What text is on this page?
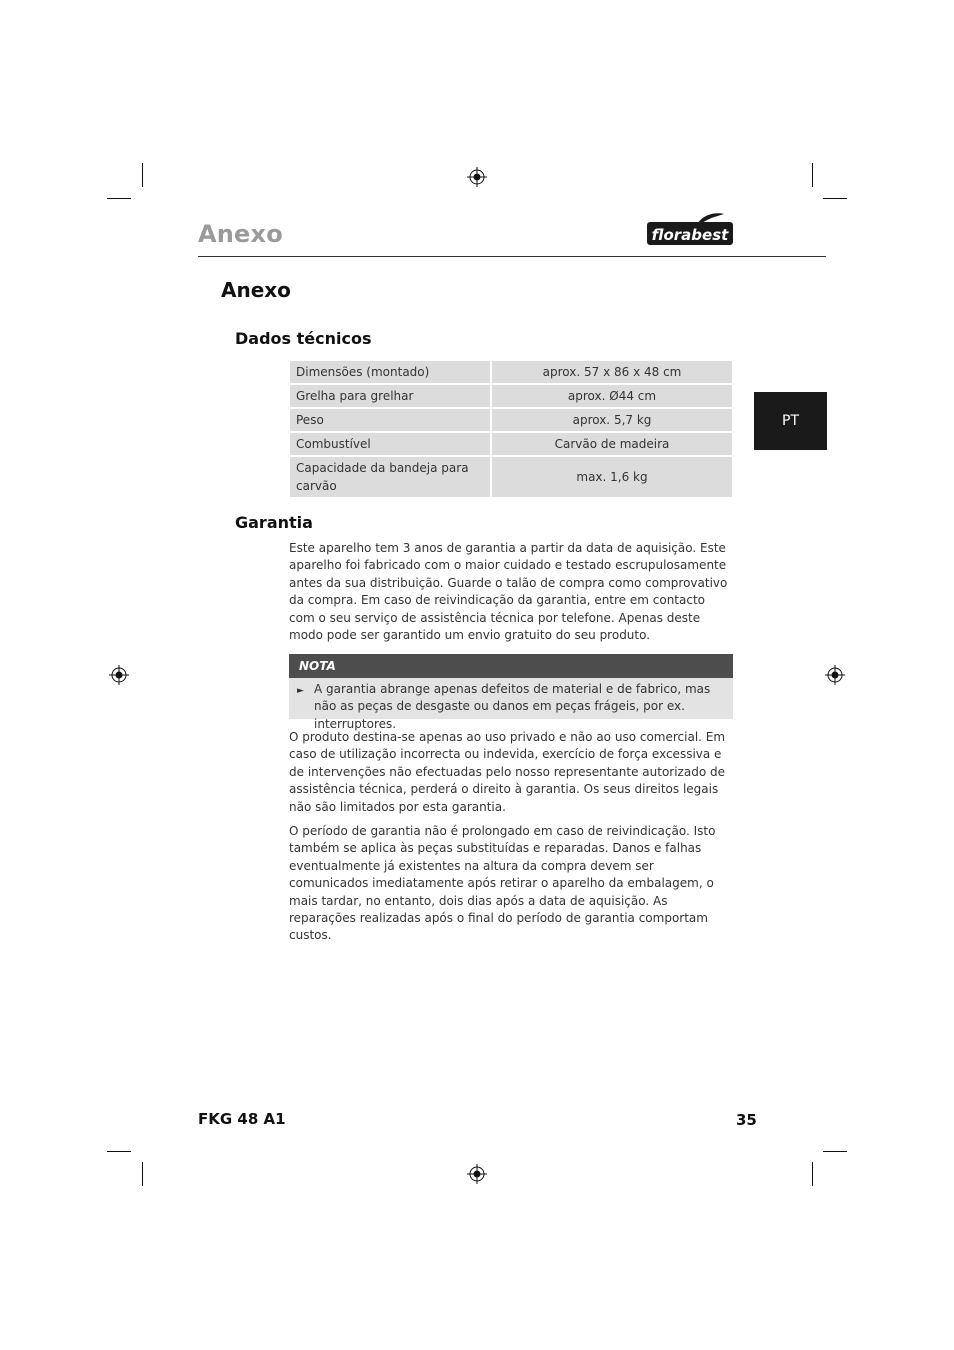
Anexo	florabest
Anexo
Dados técnicos
Dimensões (montado)	aprox. 57 x 86 x 48 cm
Grelha para grelhar	aprox. Ø44 cm
Peso	aprox. 5,7 kg
Combustível	Carvão de madeira
Capacidade da bandeja para carvão	max. 1,6 kg
PT
Garantia

Este aparelho tem 3 anos de garantia a partir da data de aquisição. Este aparelho foi fabricado com o maior cuidado e testado escrupulosamente antes da sua distribuição. Guarde o talão de compra como comprovativo da compra. Em caso de reivindicação da garantia, entre em contacto com o seu serviço de assistência técnica por telefone. Apenas deste modo pode ser garantido um envio gratuito do seu produto.

NOTA
► A garantia abrange apenas defeitos de material e de fabrico, mas não as peças de desgaste ou danos em peças frágeis, por ex. interruptores.

O produto destina-se apenas ao uso privado e não ao uso comercial. Em caso de utilização incorrecta ou indevida, exercício de força excessiva e de intervenções não efectuadas pelo nosso representante autorizado de assistência técnica, perderá o direito à garantia. Os seus direitos legais não são limitados por esta garantia.

O período de garantia não é prolongado em caso de reivindicação. Isto também se aplica às peças substituídas e reparadas. Danos e falhas eventualmente já existentes na altura da compra devem ser comunicados imediatamente após retirar o aparelho da embalagem, o mais tardar, no entanto, dois dias após a data de aquisição. As reparações realizadas após o final do período de garantia comportam custos.

FKG 48 A1	35
